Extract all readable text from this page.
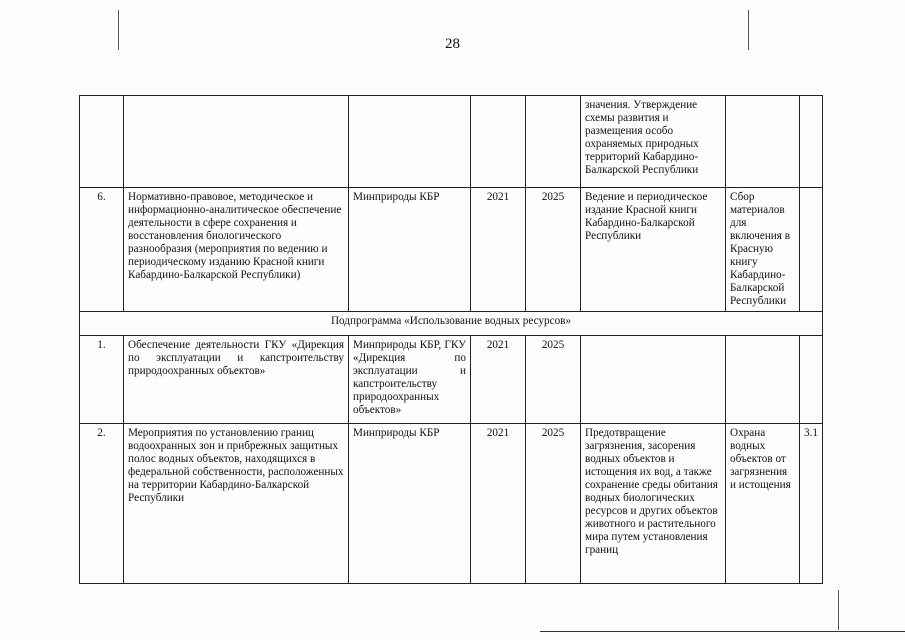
28
					значения. Утверждение схемы развития и размещения особо охраняемых природных территорий Кабардино-Балкарской Республики		
6.	Нормативно-правовое, методическое и информационно-аналитическое обеспечение деятельности в сфере сохранения и восстановления биологического разнообразия (мероприятия по ведению и периодическому изданию Красной книги Кабардино-Балкарской Республики)	Минприроды КБР	2021	2025	Ведение и периодическое издание Красной книги Кабардино-Балкарской Республики	Сбор материалов для включения в Красную книгу Кабардино-Балкарской Республики	
Подпрограмма «Использование водных ресурсов»							
1.	Обеспечение деятельности ГКУ «Дирекция по эксплуатации и капстроительству природоохранных объектов»	Минприроды КБР, ГКУ «Дирекция по эксплуатации и капстроительству природоохранных объектов»	2021	2025			
2.	Мероприятия по установлению границ водоохранных зон и прибрежных защитных полос водных объектов, находящихся в федеральной собственности, расположенных на территории Кабардино-Балкарской Республики	Минприроды КБР	2021	2025	Предотвращение загрязнения, засорения водных объектов и истощения их вод, а также сохранение среды обитания водных биологических ресурсов и других объектов животного и растительного мира путем установления границ	Охрана водных объектов от загрязнения и истощения	3.1
